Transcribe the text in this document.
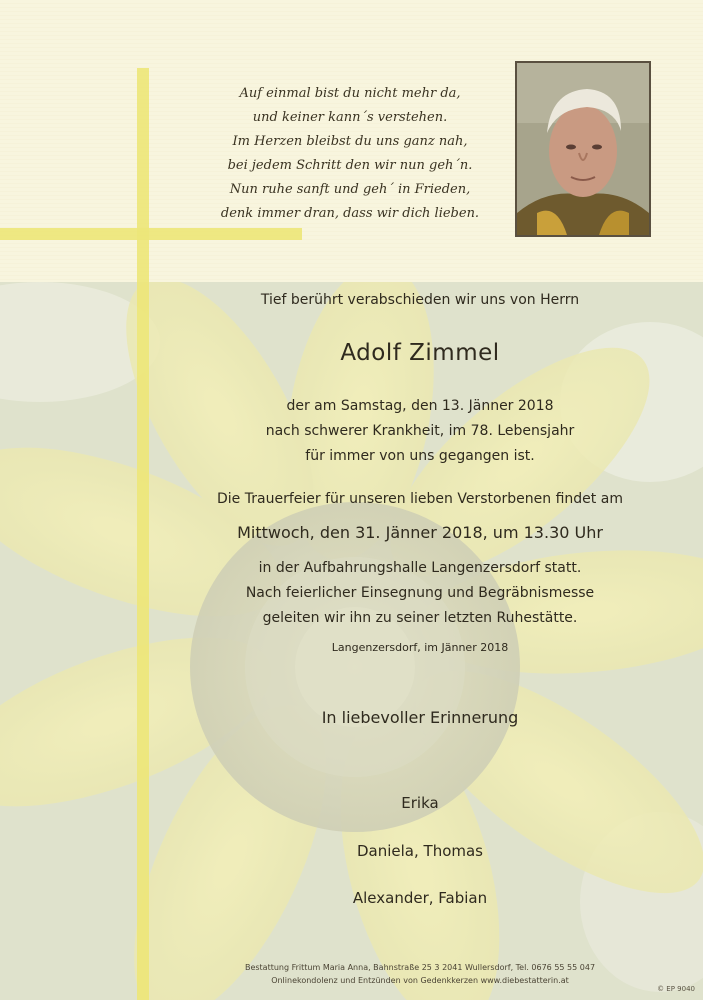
Auf einmal bist du nicht mehr da,
und keiner kann´s verstehen.
Im Herzen bleibst du uns ganz nah,
bei jedem Schritt den wir nun geh´n.
Nun ruhe sanft und geh´ in Frieden,
denk immer dran, dass wir dich lieben.
Tief berührt verabschieden wir uns von Herrn
Adolf Zimmel
der am Samstag, den 13. Jänner 2018
nach schwerer Krankheit, im 78. Lebensjahr
für immer von uns gegangen ist.
Die Trauerfeier für unseren lieben Verstorbenen findet am
Mittwoch, den 31. Jänner 2018, um 13.30 Uhr
in der Aufbahrungshalle Langenzersdorf statt.
Nach feierlicher Einsegnung und Begräbnismesse
geleiten wir ihn zu seiner letzten Ruhestätte.
Langenzersdorf, im Jänner 2018
In liebevoller Erinnerung
Erika
Daniela, Thomas
Alexander, Fabian
Bestattung Frittum Maria Anna, Bahnstraße 25 3 2041 Wullersdorf, Tel. 0676 55 55 047
Onlinekondolenz und Entzünden von Gedenkkerzen www.diebestatterin.at
© EP 9040
